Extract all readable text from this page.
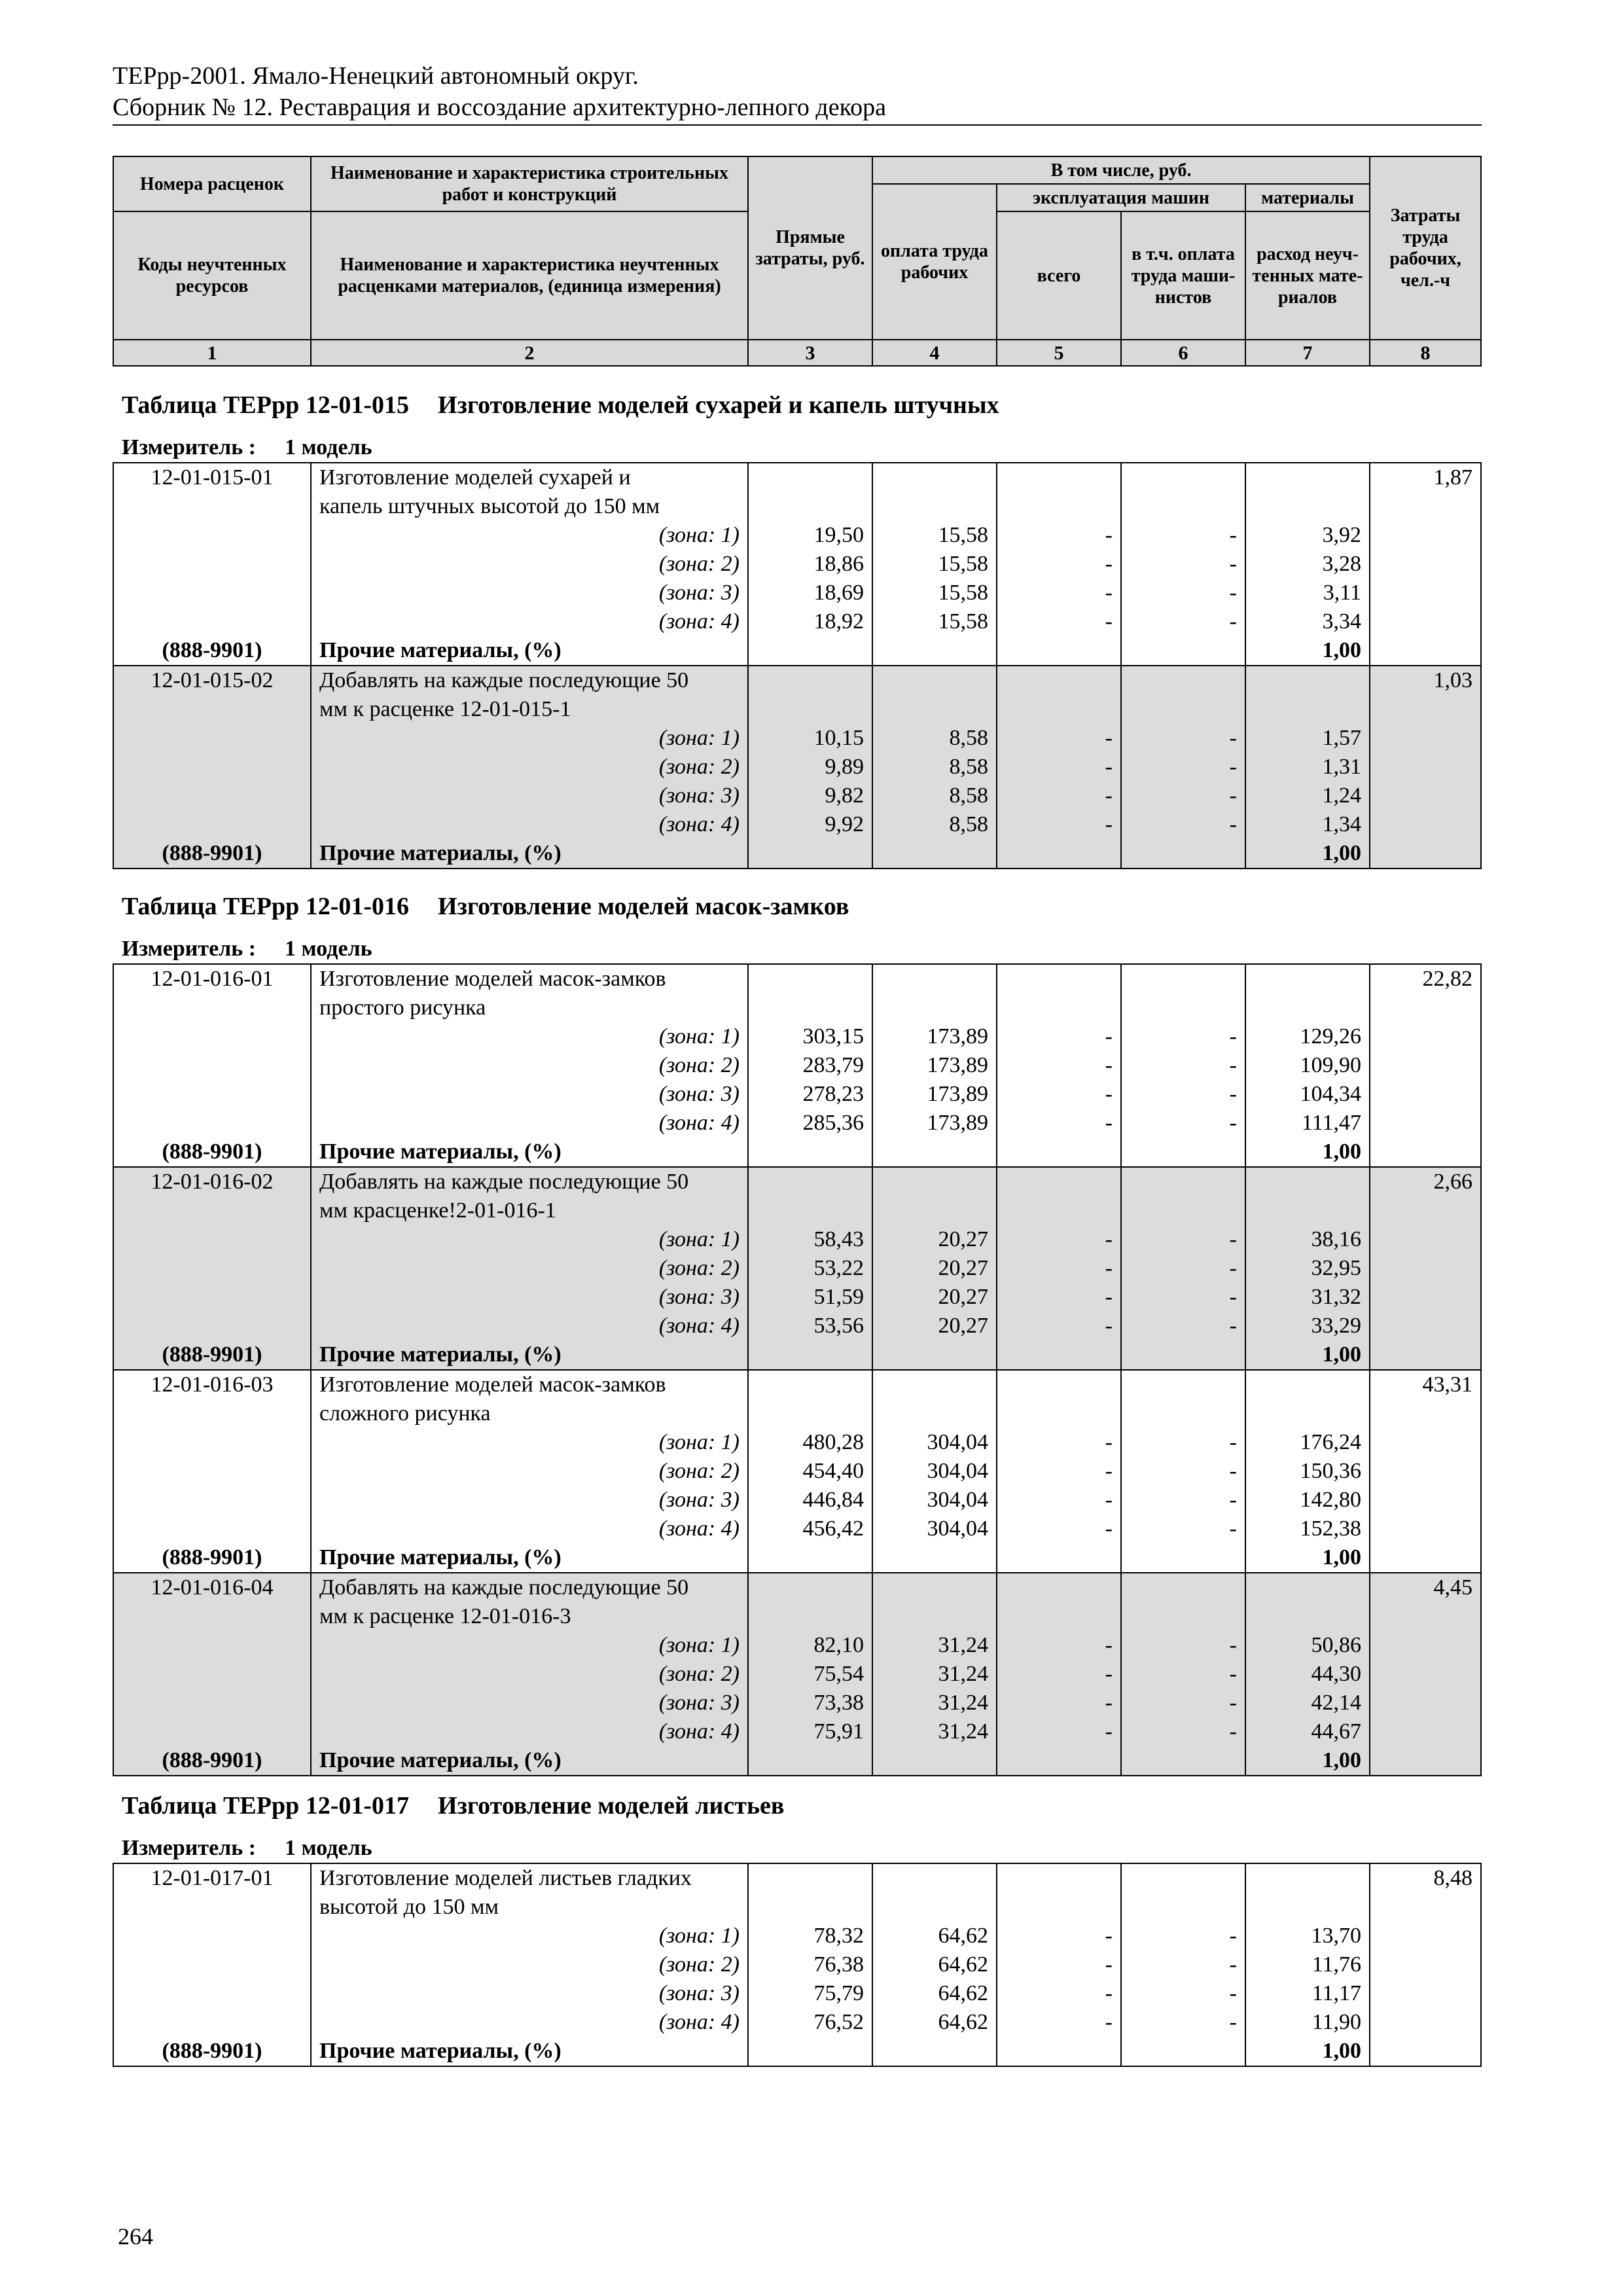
ТЕРрр-2001. Ямало-Ненецкий автономный округ.
Сборник № 12. Реставрация и воссоздание архитектурно-лепного декора
Номера расценок	Наименование и характеристика строительных работ и конструкций	Прямые затраты, руб.	В том числе, руб.				Затраты труда рабочих, чел.-ч
			оплата труда рабочих	эксплуатация машин		материалы	
Коды неучтенных ресурсов	Наименование и характеристика неучтенных расценками материалов, (единица измерения)			всего	в т.ч. оплата труда маши-нистов	расход неуч-тенных мате-риалов	
1	2	3	4	5	6	7	8
Таблица ТЕРрр 12-01-015 Изготовление моделей сухарей и капель штучных
Измеритель : 1 модель
12-01-015-01	Изготовление моделей сухарей и						1,87
	капель штучных высотой до 150 мм						
	(зона: 1)	19,50	15,58	-	-	3,92	
	(зона: 2)	18,86	15,58	-	-	3,28	
	(зона: 3)	18,69	15,58	-	-	3,11	
	(зона: 4)	18,92	15,58	-	-	3,34	
(888-9901)	Прочие материалы, (%)					1,00	
12-01-015-02	Добавлять на каждые последующие 50						1,03
	мм к расценке 12-01-015-1						
	(зона: 1)	10,15	8,58	-	-	1,57	
	(зона: 2)	9,89	8,58	-	-	1,31	
	(зона: 3)	9,82	8,58	-	-	1,24	
	(зона: 4)	9,92	8,58	-	-	1,34	
(888-9901)	Прочие материалы, (%)					1,00	
Таблица ТЕРрр 12-01-016 Изготовление моделей масок-замков
Измеритель : 1 модель
12-01-016-01	Изготовление моделей масок-замков						22,82
	простого рисунка						
	(зона: 1)	303,15	173,89	-	-	129,26	
	(зона: 2)	283,79	173,89	-	-	109,90	
	(зона: 3)	278,23	173,89	-	-	104,34	
	(зона: 4)	285,36	173,89	-	-	111,47	
(888-9901)	Прочие материалы, (%)					1,00	
12-01-016-02	Добавлять на каждые последующие 50						2,66
	мм красценке!2-01-016-1						
	(зона: 1)	58,43	20,27	-	-	38,16	
	(зона: 2)	53,22	20,27	-	-	32,95	
	(зона: 3)	51,59	20,27	-	-	31,32	
	(зона: 4)	53,56	20,27	-	-	33,29	
(888-9901)	Прочие материалы, (%)					1,00	
12-01-016-03	Изготовление моделей масок-замков						43,31
	сложного рисунка						
	(зона: 1)	480,28	304,04	-	-	176,24	
	(зона: 2)	454,40	304,04	-	-	150,36	
	(зона: 3)	446,84	304,04	-	-	142,80	
	(зона: 4)	456,42	304,04	-	-	152,38	
(888-9901)	Прочие материалы, (%)					1,00	
12-01-016-04	Добавлять на каждые последующие 50						4,45
	мм к расценке 12-01-016-3						
	(зона: 1)	82,10	31,24	-	-	50,86	
	(зона: 2)	75,54	31,24	-	-	44,30	
	(зона: 3)	73,38	31,24	-	-	42,14	
	(зона: 4)	75,91	31,24	-	-	44,67	
(888-9901)	Прочие материалы, (%)					1,00	
Таблица ТЕРрр 12-01-017 Изготовление моделей листьев
Измеритель : 1 модель
12-01-017-01	Изготовление моделей листьев гладких						8,48
	высотой до 150 мм						
	(зона: 1)	78,32	64,62	-	-	13,70	
	(зона: 2)	76,38	64,62	-	-	11,76	
	(зона: 3)	75,79	64,62	-	-	11,17	
	(зона: 4)	76,52	64,62	-	-	11,90	
(888-9901)	Прочие материалы, (%)					1,00	
264
